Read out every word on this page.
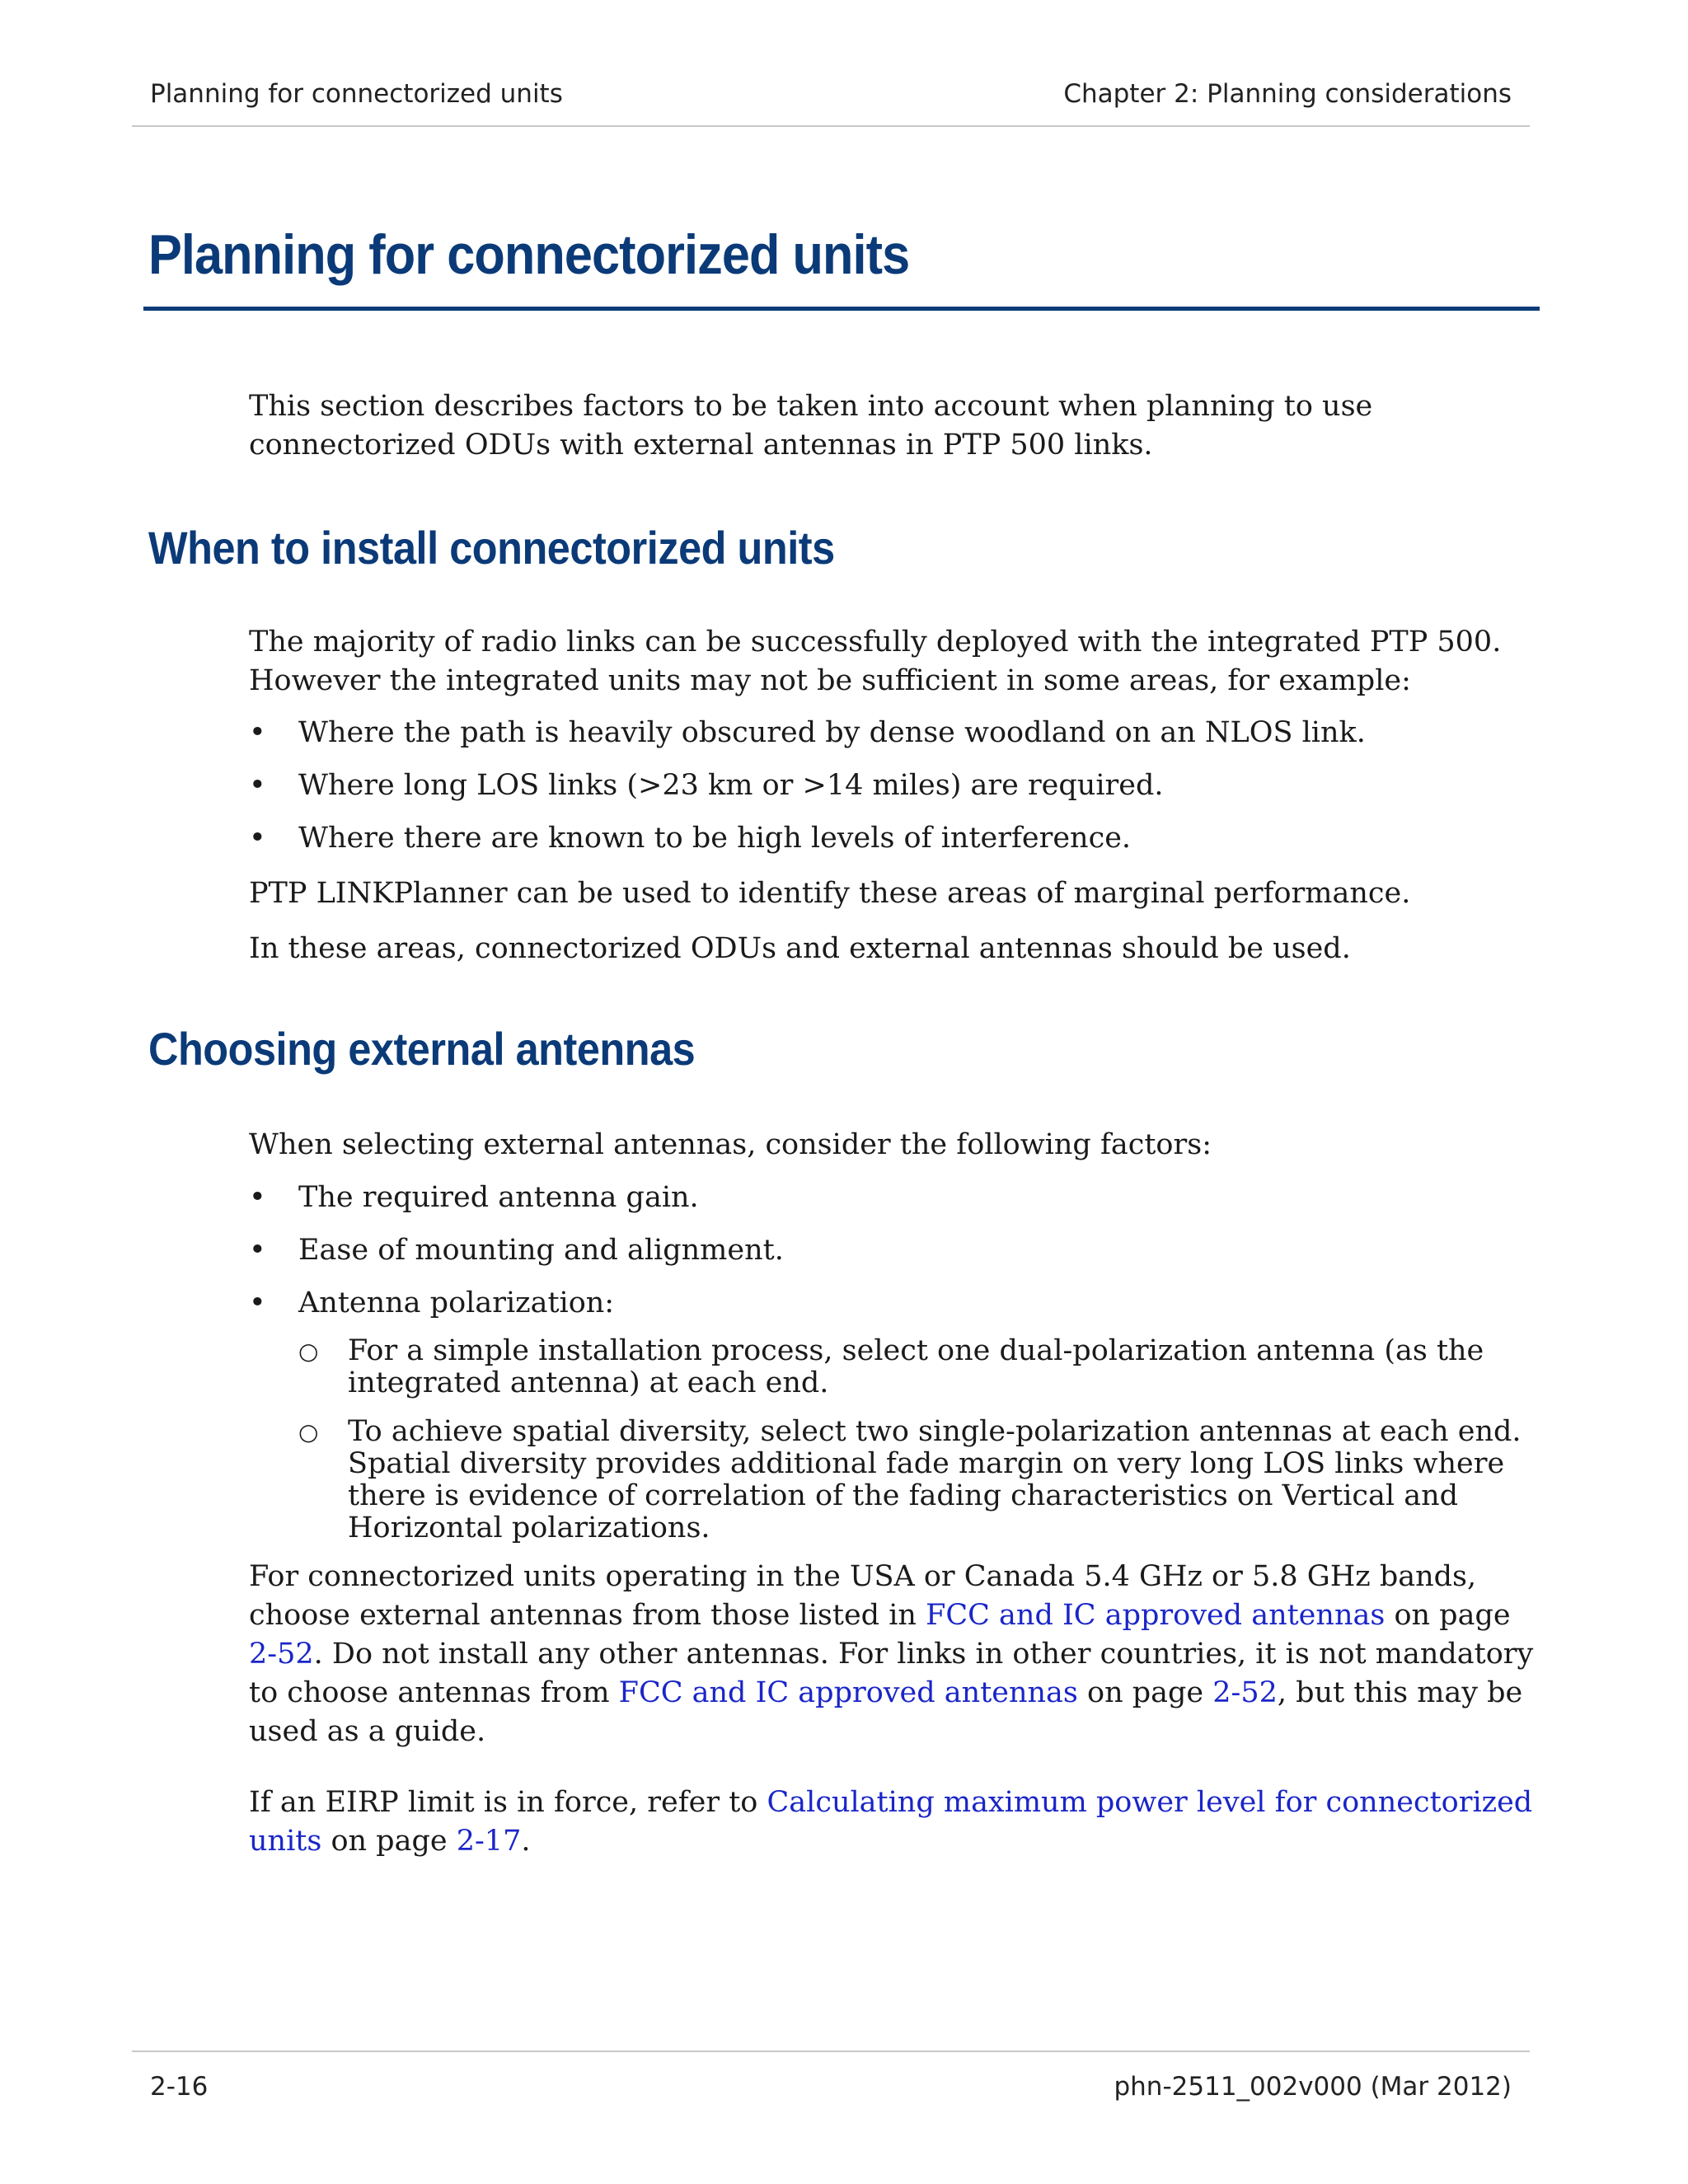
Planning for connectorized units	Chapter 2: Planning considerations
Planning for connectorized units
This section describes factors to be taken into account when planning to use connectorized ODUs with external antennas in PTP 500 links.
When to install connectorized units
The majority of radio links can be successfully deployed with the integrated PTP 500. However the integrated units may not be sufficient in some areas, for example:
• Where the path is heavily obscured by dense woodland on an NLOS link.
• Where long LOS links (>23 km or >14 miles) are required.
• Where there are known to be high levels of interference.
PTP LINKPlanner can be used to identify these areas of marginal performance.
In these areas, connectorized ODUs and external antennas should be used.
Choosing external antennas
When selecting external antennas, consider the following factors:
• The required antenna gain.
• Ease of mounting and alignment.
• Antenna polarization:
○ For a simple installation process, select one dual-polarization antenna (as the integrated antenna) at each end.
○ To achieve spatial diversity, select two single-polarization antennas at each end. Spatial diversity provides additional fade margin on very long LOS links where there is evidence of correlation of the fading characteristics on Vertical and Horizontal polarizations.
For connectorized units operating in the USA or Canada 5.4 GHz or 5.8 GHz bands, choose external antennas from those listed in FCC and IC approved antennas on page 2-52. Do not install any other antennas. For links in other countries, it is not mandatory to choose antennas from FCC and IC approved antennas on page 2-52, but this may be used as a guide.
If an EIRP limit is in force, refer to Calculating maximum power level for connectorized units on page 2-17.
2-16	phn-2511_002v000 (Mar 2012)
